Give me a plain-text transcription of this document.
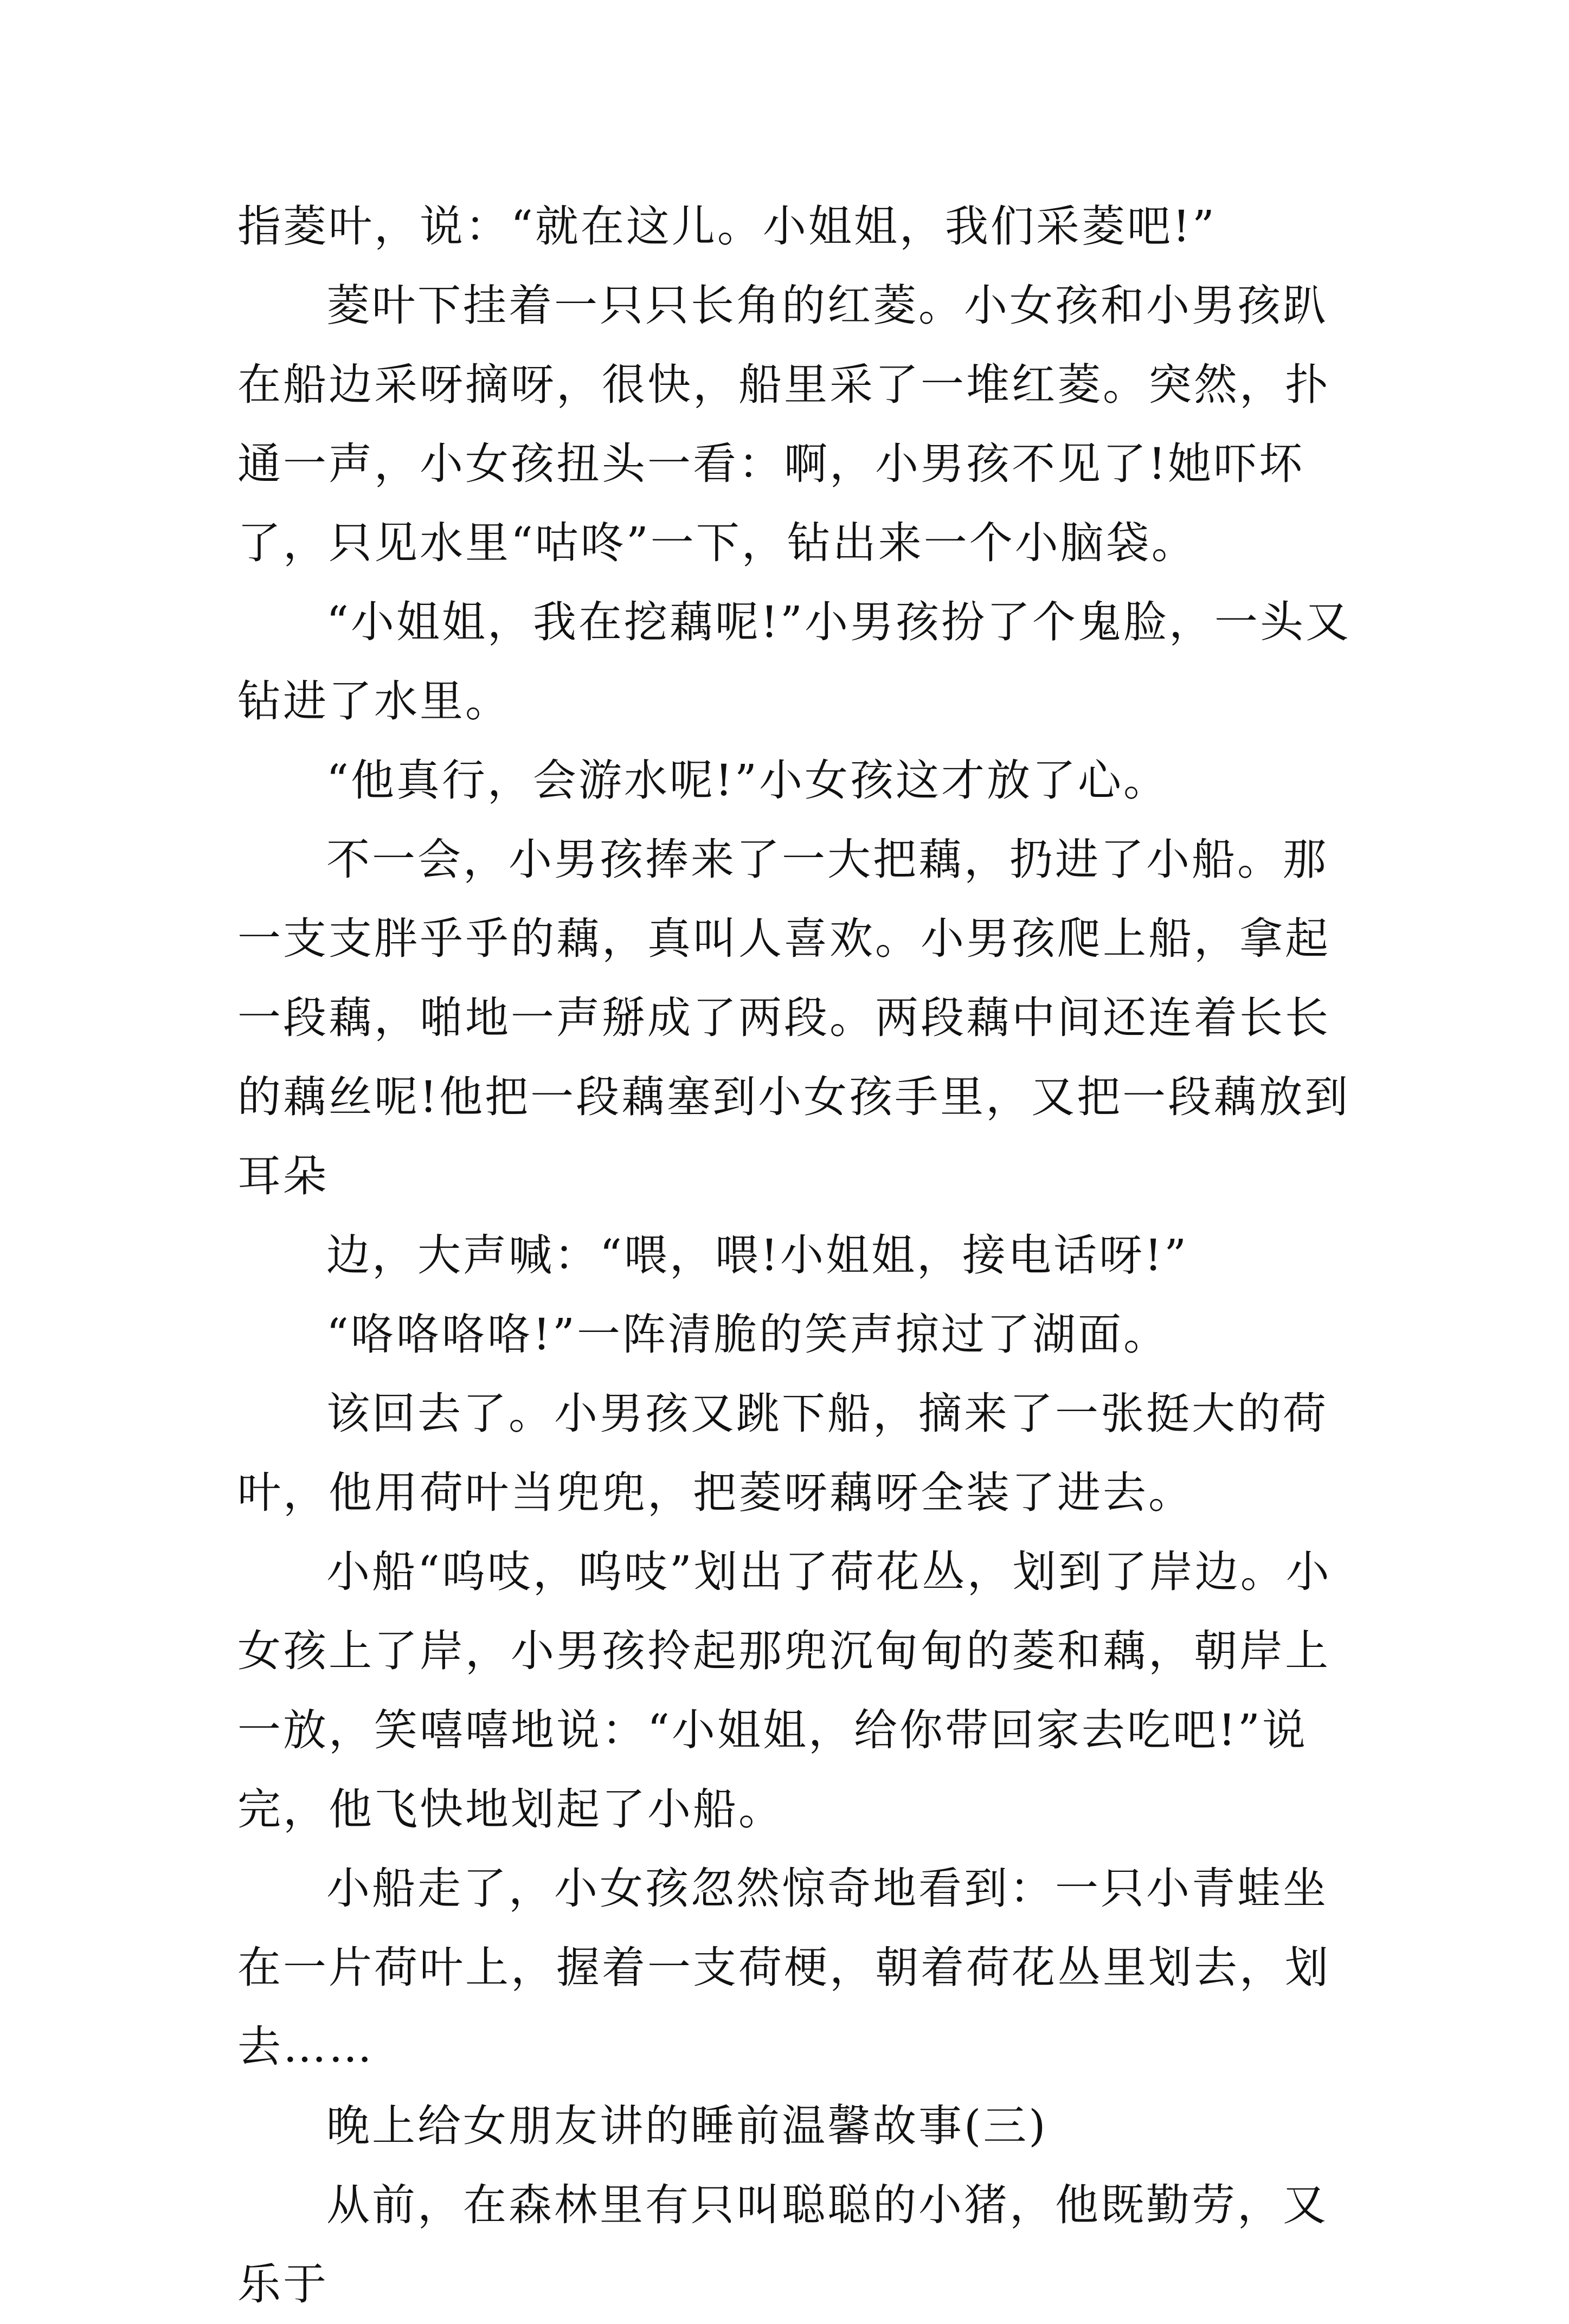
指菱叶，说：“就在这儿。小姐姐，我们采菱吧!”

菱叶下挂着一只只长角的红菱。小女孩和小男孩趴在船边采呀摘呀，很快，船里采了一堆红菱。突然，扑通一声，小女孩扭头一看：啊，小男孩不见了!她吓坏了，只见水里“咕咚”一下，钻出来一个小脑袋。

“小姐姐，我在挖藕呢!”小男孩扮了个鬼脸，一头又钻进了水里。

“他真行，会游水呢!”小女孩这才放了心。

不一会，小男孩捧来了一大把藕，扔进了小船。那一支支胖乎乎的藕，真叫人喜欢。小男孩爬上船，拿起一段藕，啪地一声掰成了两段。两段藕中间还连着长长的藕丝呢!他把一段藕塞到小女孩手里，又把一段藕放到耳朵

边，大声喊：“喂，喂!小姐姐，接电话呀!”

“咯咯咯咯!”一阵清脆的笑声掠过了湖面。

该回去了。小男孩又跳下船，摘来了一张挺大的荷叶，他用荷叶当兜兜，把菱呀藕呀全装了进去。

小船“呜吱，呜吱”划出了荷花丛，划到了岸边。小女孩上了岸，小男孩拎起那兜沉甸甸的菱和藕，朝岸上一放，笑嘻嘻地说：“小姐姐，给你带回家去吃吧!”说完，他飞快地划起了小船。

小船走了，小女孩忽然惊奇地看到：一只小青蛙坐在一片荷叶上，握着一支荷梗，朝着荷花丛里划去，划去……

晚上给女朋友讲的睡前温馨故事(三)

从前，在森林里有只叫聪聪的小猪，他既勤劳，又乐于
